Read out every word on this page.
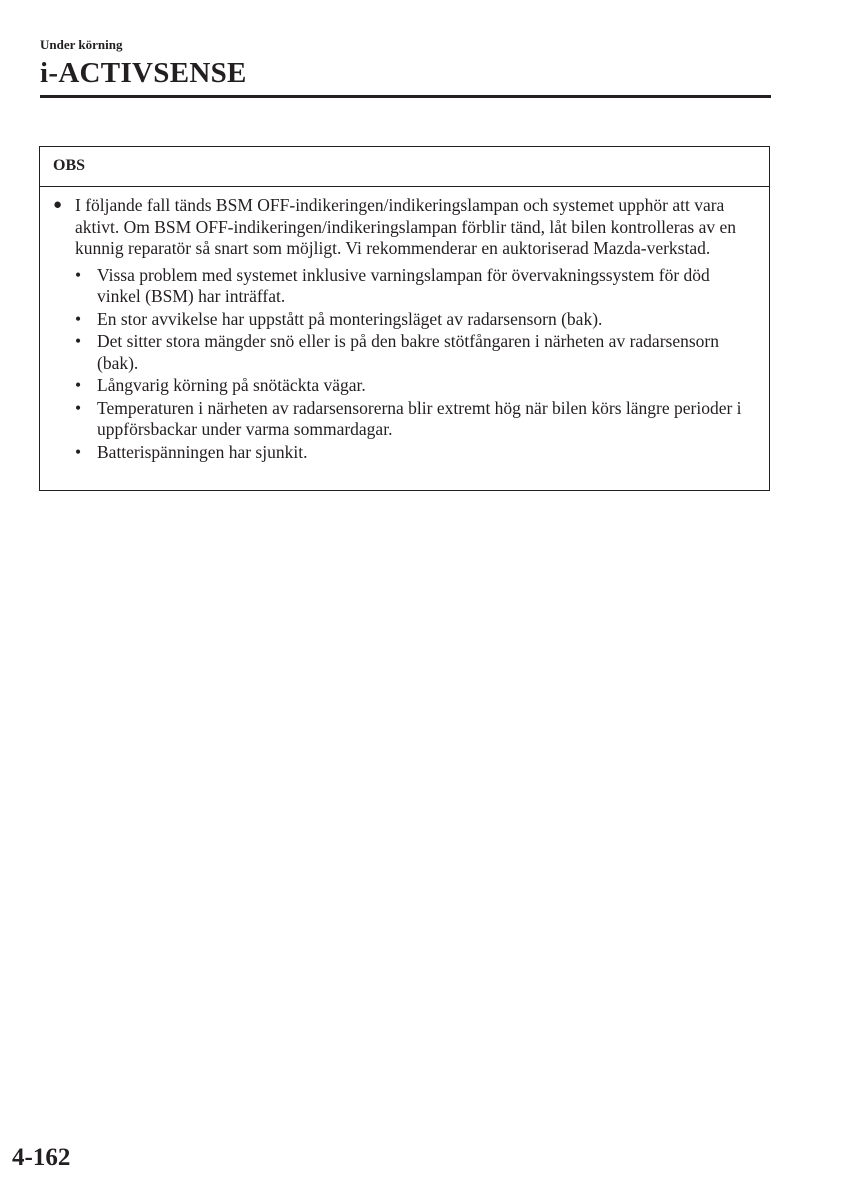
Under körning
i-ACTIVSENSE
OBS
● I följande fall tänds BSM OFF-indikeringen/indikeringslampan och systemet upphör att vara aktivt. Om BSM OFF-indikeringen/indikeringslampan förblir tänd, låt bilen kontrolleras av en kunnig reparatör så snart som möjligt. Vi rekommenderar en auktoriserad Mazda-verkstad.
• Vissa problem med systemet inklusive varningslampan för övervakningssystem för död vinkel (BSM) har inträffat.
• En stor avvikelse har uppstått på monteringsläget av radarsensorn (bak).
• Det sitter stora mängder snö eller is på den bakre stötfångaren i närheten av radarsensorn (bak).
• Långvarig körning på snötäckta vägar.
• Temperaturen i närheten av radarsensorerna blir extremt hög när bilen körs längre perioder i uppförsbackar under varma sommardagar.
• Batterispänningen har sjunkit.
4-162
